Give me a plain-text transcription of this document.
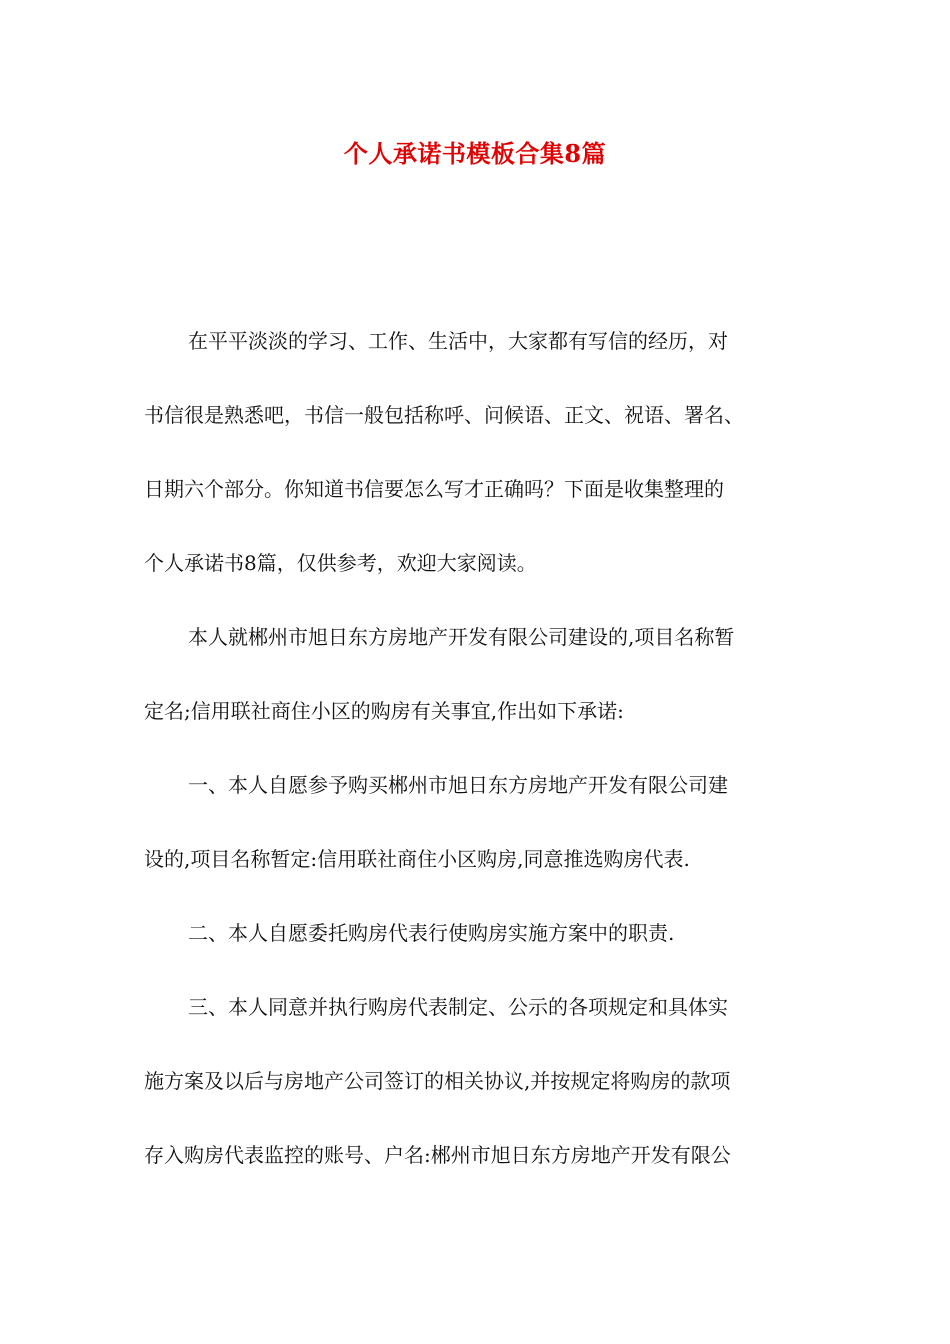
个人承诺书模板合集8篇
在平平淡淡的学习、工作、生活中，大家都有写信的经历，对
书信很是熟悉吧，书信一般包括称呼、问候语、正文、祝语、署名、
日期六个部分。你知道书信要怎么写才正确吗？下面是收集整理的
个人承诺书8篇，仅供参考，欢迎大家阅读。
本人就郴州市旭日东方房地产开发有限公司建设的,项目名称暂
定名;信用联社商住小区的购房有关事宜,作出如下承诺:
一、本人自愿参予购买郴州市旭日东方房地产开发有限公司建
设的,项目名称暂定:信用联社商住小区购房,同意推选购房代表.
二、本人自愿委托购房代表行使购房实施方案中的职责.
三、本人同意并执行购房代表制定、公示的各项规定和具体实
施方案及以后与房地产公司签订的相关协议,并按规定将购房的款项
存入购房代表监控的账号、户名:郴州市旭日东方房地产开发有限公
